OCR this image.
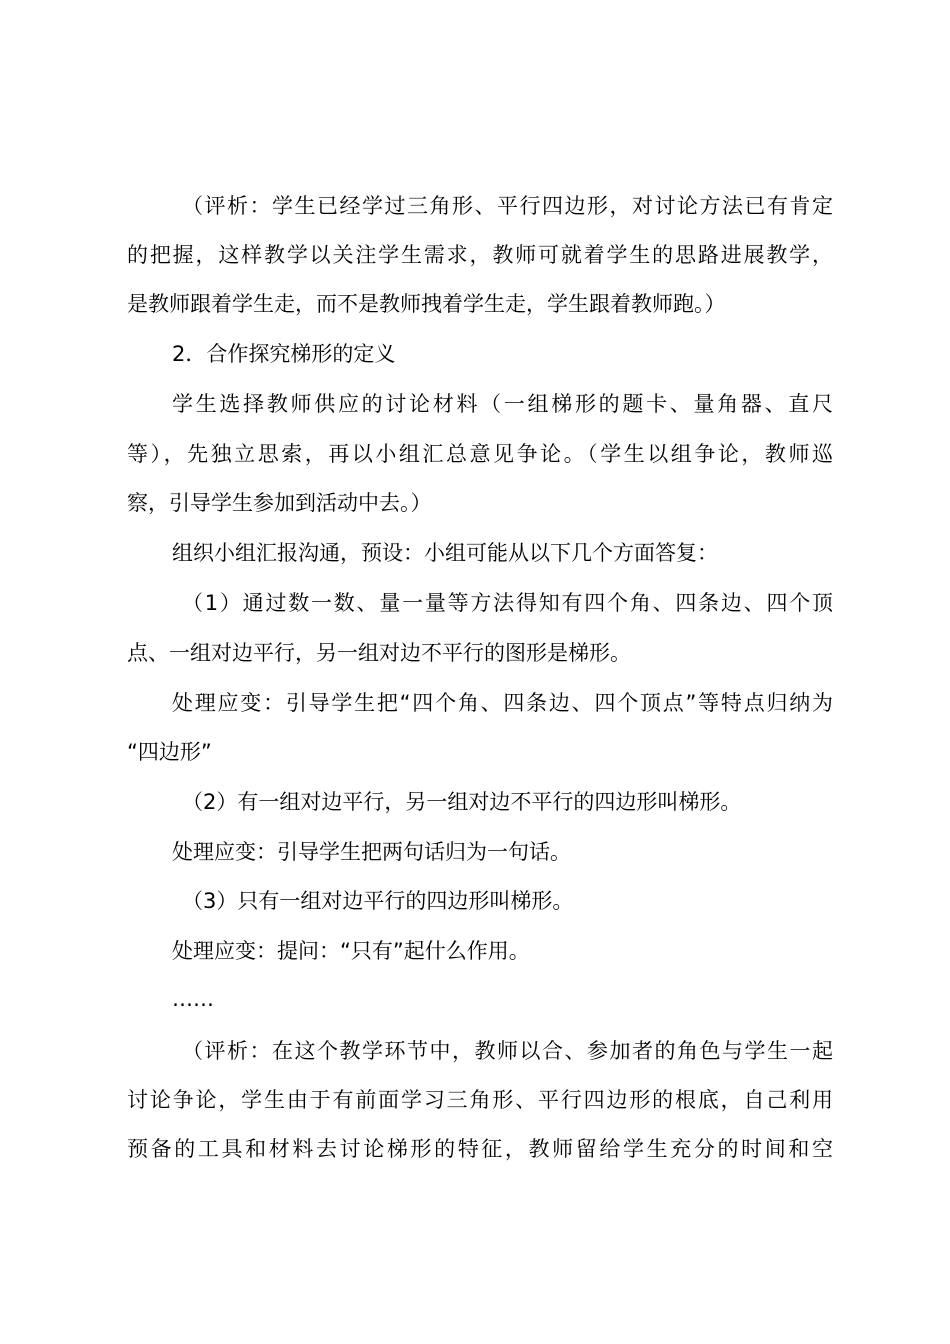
（评析：学生已经学过三角形、平行四边形，对讨论方法已有肯定
的把握，这样教学以关注学生需求，教师可就着学生的思路进展教学，
是教师跟着学生走，而不是教师拽着学生走，学生跟着教师跑。）
2．合作探究梯形的定义
学生选择教师供应的讨论材料（一组梯形的题卡、量角器、直尺
等），先独立思索，再以小组汇总意见争论。（学生以组争论，教师巡
察，引导学生参加到活动中去。）
组织小组汇报沟通，预设：小组可能从以下几个方面答复：
（1）通过数一数、量一量等方法得知有四个角、四条边、四个顶
点、一组对边平行，另一组对边不平行的图形是梯形。
处理应变：引导学生把“四个角、四条边、四个顶点”等特点归纳为
“四边形”
（2）有一组对边平行，另一组对边不平行的四边形叫梯形。
处理应变：引导学生把两句话归为一句话。
（3）只有一组对边平行的四边形叫梯形。
处理应变：提问：“只有”起什么作用。
……
（评析：在这个教学环节中，教师以合、参加者的角色与学生一起
讨论争论，学生由于有前面学习三角形、平行四边形的根底，自己利用
预备的工具和材料去讨论梯形的特征，教师留给学生充分的时间和空
